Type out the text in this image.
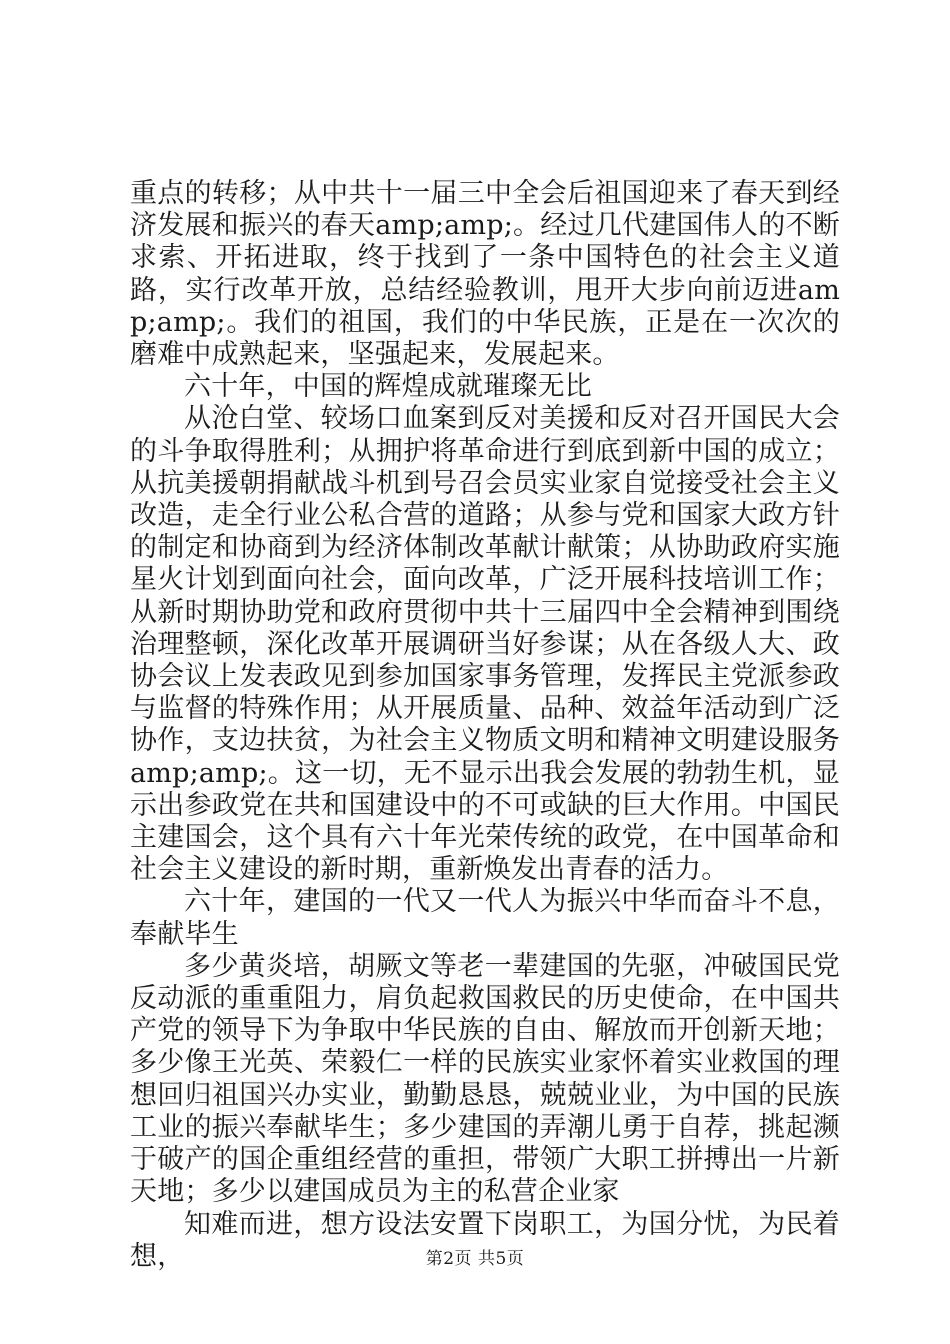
重点的转移；从中共十一届三中全会后祖国迎来了春天到经济发展和振兴的春天amp;amp;。经过几代建国伟人的不断求索、开拓进取，终于找到了一条中国特色的社会主义道路，实行改革开放，总结经验教训，甩开大步向前迈进amp;amp;。我们的祖国，我们的中华民族，正是在一次次的磨难中成熟起来，坚强起来，发展起来。

六十年，中国的辉煌成就璀璨无比

从沧白堂、较场口血案到反对美援和反对召开国民大会的斗争取得胜利；从拥护将革命进行到底到新中国的成立；从抗美援朝捐献战斗机到号召会员实业家自觉接受社会主义改造，走全行业公私合营的道路；从参与党和国家大政方针的制定和协商到为经济体制改革献计献策；从协助政府实施星火计划到面向社会，面向改革，广泛开展科技培训工作；从新时期协助党和政府贯彻中共十三届四中全会精神到围绕治理整顿，深化改革开展调研当好参谋；从在各级人大、政协会议上发表政见到参加国家事务管理，发挥民主党派参政与监督的特殊作用；从开展质量、品种、效益年活动到广泛协作，支边扶贫，为社会主义物质文明和精神文明建设服务amp;amp;。这一切，无不显示出我会发展的勃勃生机，显示出参政党在共和国建设中的不可或缺的巨大作用。中国民主建国会，这个具有六十年光荣传统的政党，在中国革命和社会主义建设的新时期，重新焕发出青春的活力。

六十年，建国的一代又一代人为振兴中华而奋斗不息，奉献毕生

多少黄炎培，胡厥文等老一辈建国的先驱，冲破国民党反动派的重重阻力，肩负起救国救民的历史使命，在中国共产党的领导下为争取中华民族的自由、解放而开创新天地；多少像王光英、荣毅仁一样的民族实业家怀着实业救国的理想回归祖国兴办实业，勤勤恳恳，兢兢业业，为中国的民族工业的振兴奉献毕生；多少建国的弄潮儿勇于自荐，挑起濒于破产的国企重组经营的重担，带领广大职工拼搏出一片新天地；多少以建国成员为主的私营企业家

知难而进，想方设法安置下岗职工，为国分忧，为民着想，	第2页 共5页
